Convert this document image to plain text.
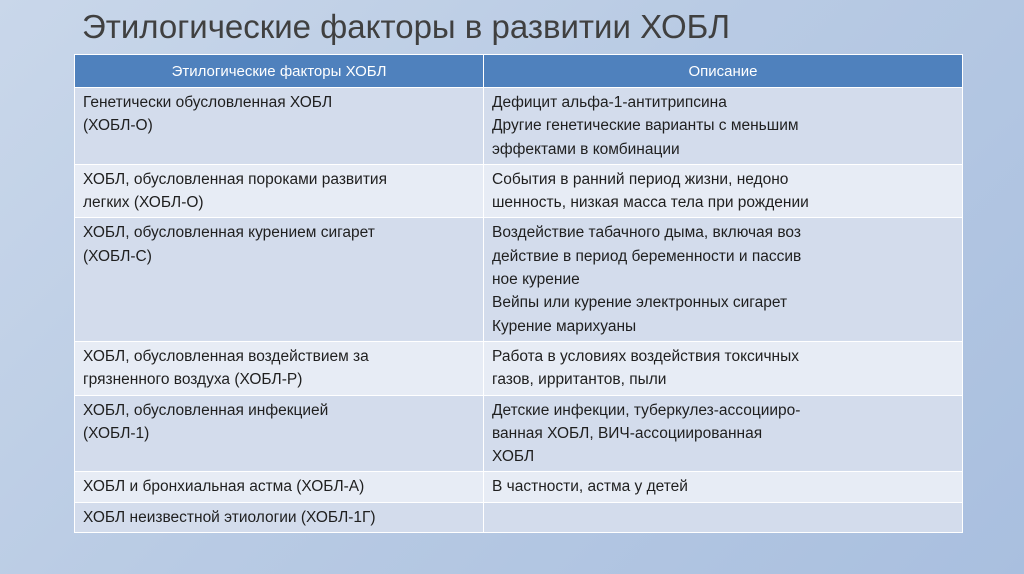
Этилогические факторы в развитии ХОБЛ
Этилогические факторы ХОБЛ	Описание

Генетически обусловленная ХОБЛ
(ХОБЛ-О)	Дефицит альфа-1-антитрипсина
Другие генетические варианты с меньшим
эффектами в комбинации

ХОБЛ, обусловленная пороками развития
легких (ХОБЛ-О)	События в ранний период жизни, недоно
шенность, низкая масса тела при рождении

ХОБЛ, обусловленная курением сигарет
(ХОБЛ-С)	Воздействие табачного дыма, включая воз
действие в период беременности и пассив
ное курение
Вейпы или курение электронных сигарет
Курение марихуаны

ХОБЛ, обусловленная воздействием за
грязненного воздуха (ХОБЛ-Р)	Работа в условиях воздействия токсичных
газов, ирритантов, пыли

ХОБЛ, обусловленная инфекцией
(ХОБЛ-1)	Детские инфекции, туберкулез-ассоцииро-
ванная ХОБЛ, ВИЧ-ассоциированная
ХОБЛ

ХОБЛ и бронхиальная астма (ХОБЛ-А)	В частности, астма у детей

ХОБЛ неизвестной этиологии (ХОБЛ-1Г)	
